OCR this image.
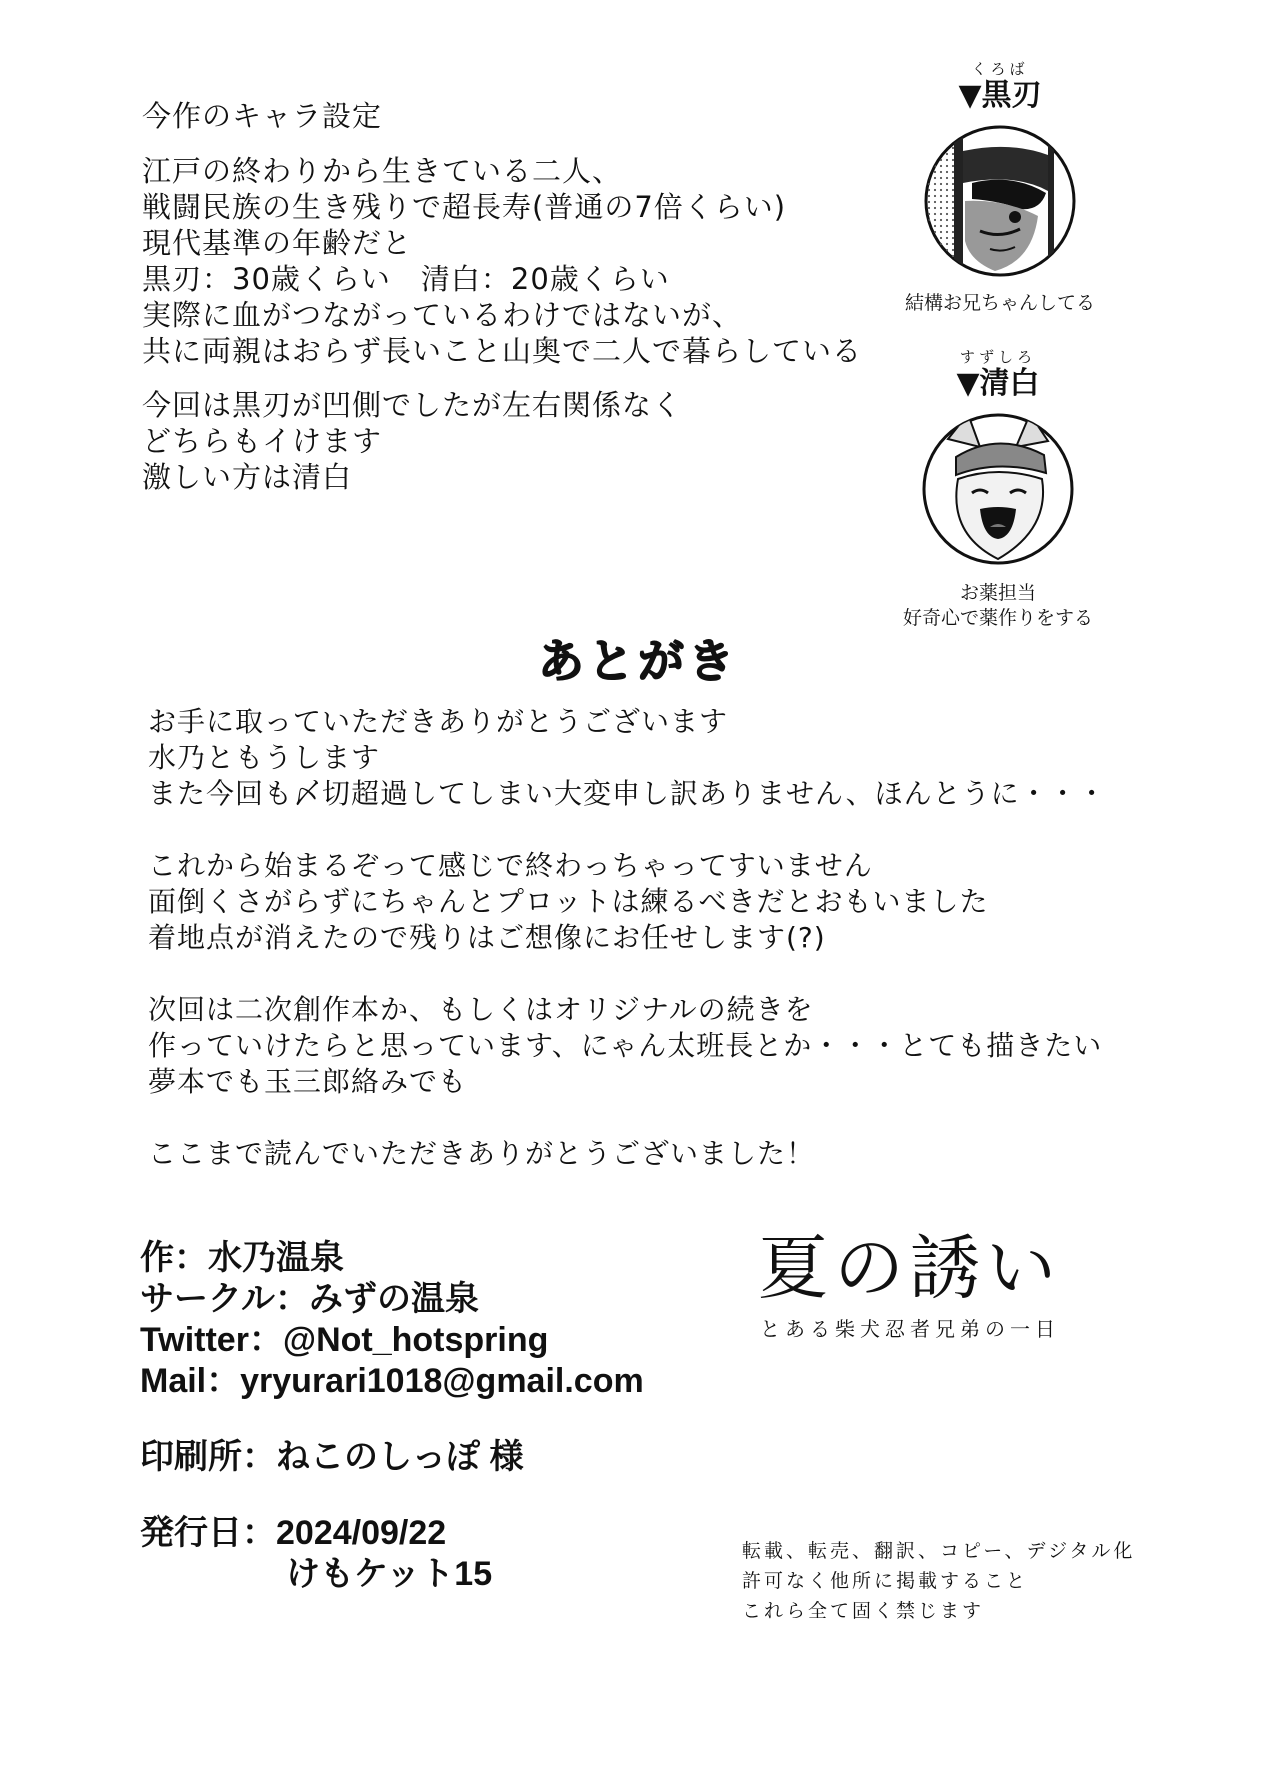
今作のキャラ設定
江戸の終わりから生きている二人、
戦闘民族の生き残りで超長寿(普通の7倍くらい)
現代基準の年齢だと
黒刃：30歳くらい　清白：20歳くらい
実際に血がつながっているわけではないが、
共に両親はおらず長いこと山奥で二人で暮らしている
今回は黒刃が凹側でしたが左右関係なく
どちらもイけます
激しい方は清白
くろば
▼黒刃
結構お兄ちゃんしてる
すずしろ
▼清白
お薬担当
好奇心で薬作りをする
あとがき
お手に取っていただきありがとうございます
水乃ともうします
また今回も〆切超過してしまい大変申し訳ありません、ほんとうに・・・
これから始まるぞって感じで終わっちゃってすいません
面倒くさがらずにちゃんとプロットは練るべきだとおもいました
着地点が消えたので残りはご想像にお任せします(?)
次回は二次創作本か、もしくはオリジナルの続きを
作っていけたらと思っています、にゃん太班長とか・・・とても描きたい
夢本でも玉三郎絡みでも
ここまで読んでいただきありがとうございました！
作：水乃温泉
サークル：みずの温泉
Twitter：@Not_hotspring
Mail：yryurari1018@gmail.com
印刷所：ねこのしっぽ 様
発行日：2024/09/22
けもケット15
夏の誘い
とある柴犬忍者兄弟の一日
転載、転売、翻訳、コピー、デジタル化
許可なく他所に掲載すること
これら全て固く禁じます
